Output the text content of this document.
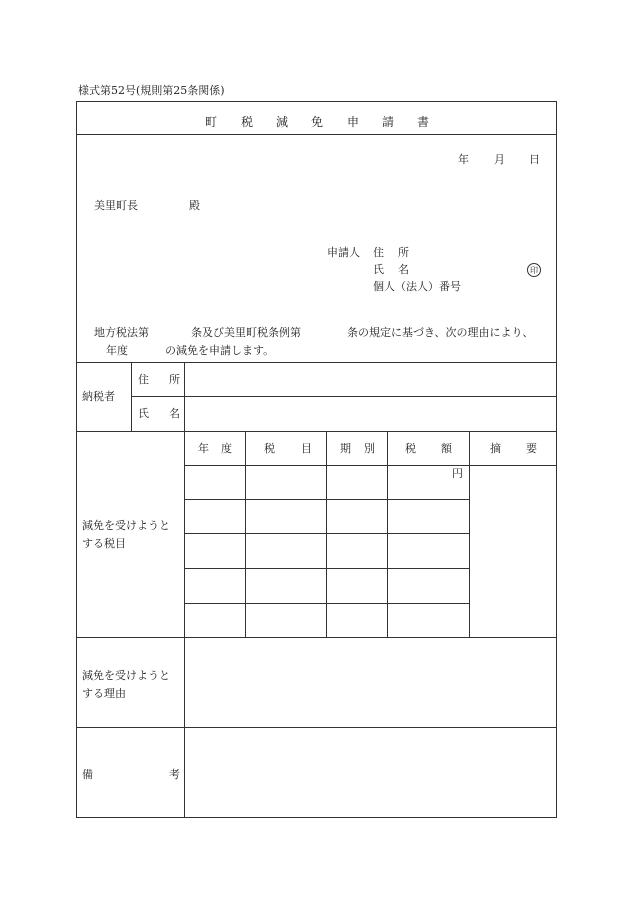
様式第52号(規則第25条関係)
町 税 減 免 申 請 書
年 月 日
美里町長	殿
申請人 住 所
氏 名
個人（法人）番号
印
地方税法第	条及び美里町税条例第	条の規定に基づき、次の理由により、
年度	の減免を申請します。
納税者
住 所
氏 名
減免を受けようと
する税目
年 度	税 目	期 別	税 額	摘 要
円
減免を受けようと
する理由
備	考
